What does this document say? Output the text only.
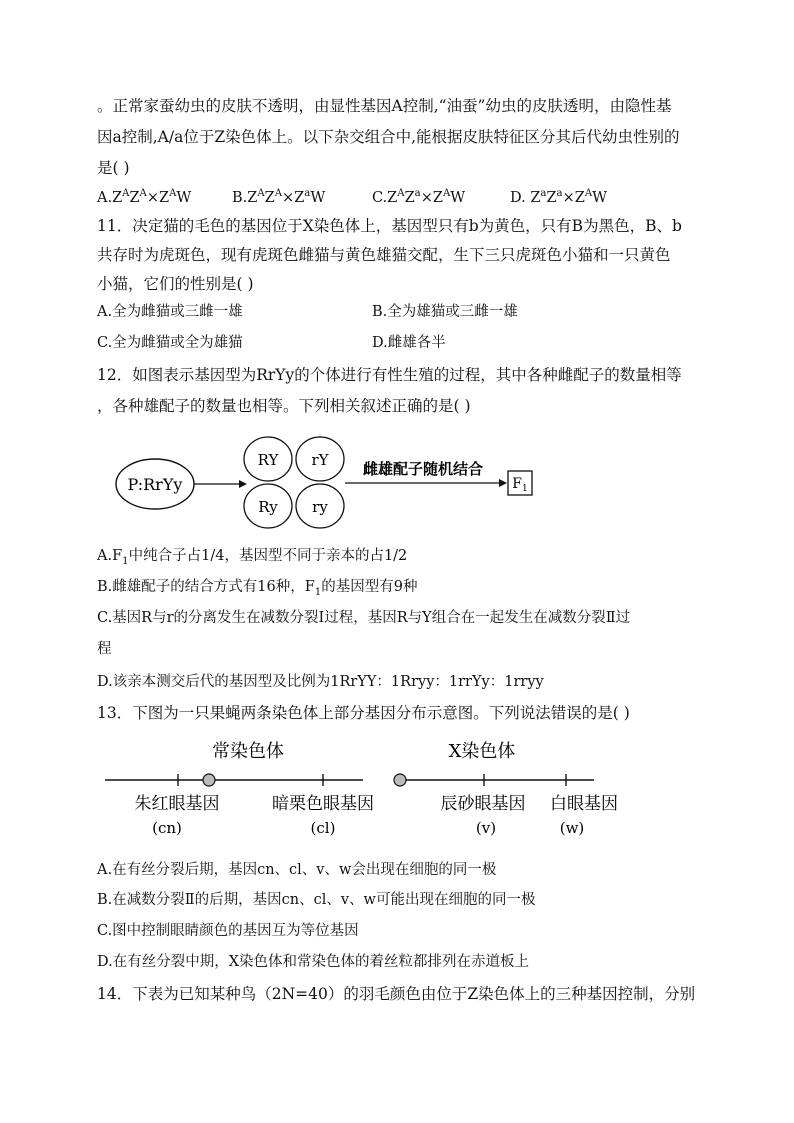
。正常家蚕幼虫的皮肤不透明，由显性基因A控制,“油蚕”幼虫的皮肤透明，由隐性基
因a控制,A/a位于Z染色体上。以下杂交组合中,能根据皮肤特征区分其后代幼虫性别的
是( )
$A.Z^AZ^A\times Z^AW$	$B.Z^AZ^A\times Z^aW$	$C.Z^AZ^a\times Z^AW$	D. $Z^aZ^a\times Z^AW$
11．决定猫的毛色的基因位于X染色体上，基因型只有b为黄色，只有B为黑色，B、b
共存时为虎斑色，现有虎斑色雌猫与黄色雄猫交配，生下三只虎斑色小猫和一只黄色
小猫，它们的性别是( )
A.全为雌猫或三雌一雄	B.全为雄猫或三雌一雄
C.全为雌猫或全为雄猫	D.雌雄各半
12．如图表示基因型为RrYy的个体进行有性生殖的过程，其中各种雌配子的数量相等
，各种雄配子的数量也相等。下列相关叙述正确的是( )
P:RrYy
RY rY
Ry ry
雌雄配子随机结合
$F_1$
$A.F_1$中纯合子占1/4，基因型不同于亲本的占1/2
B.雌雄配子的结合方式有16种，$F_1$的基因型有9种
C.基因R与r的分离发生在减数分裂Ⅰ过程，基因R与Y组合在一起发生在减数分裂Ⅱ过
程
D.该亲本测交后代的基因型及比例为1RrYY：1Rryy：1rrYy：1rryy
13．下图为一只果蝇两条染色体上部分基因分布示意图。下列说法错误的是( )
常染色体	X染色体
朱红眼基因
(cn)
暗栗色眼基因
(cl)
辰砂眼基因
(v)
白眼基因
(w)
A.在有丝分裂后期，基因cn、cl、v、w会出现在细胞的同一极
B.在减数分裂Ⅱ的后期，基因cn、cl、v、w可能出现在细胞的同一极
C.图中控制眼睛颜色的基因互为等位基因
D.在有丝分裂中期，X染色体和常染色体的着丝粒都排列在赤道板上
14．下表为已知某种鸟（2N=40）的羽毛颜色由位于Z染色体上的三种基因控制，分别
